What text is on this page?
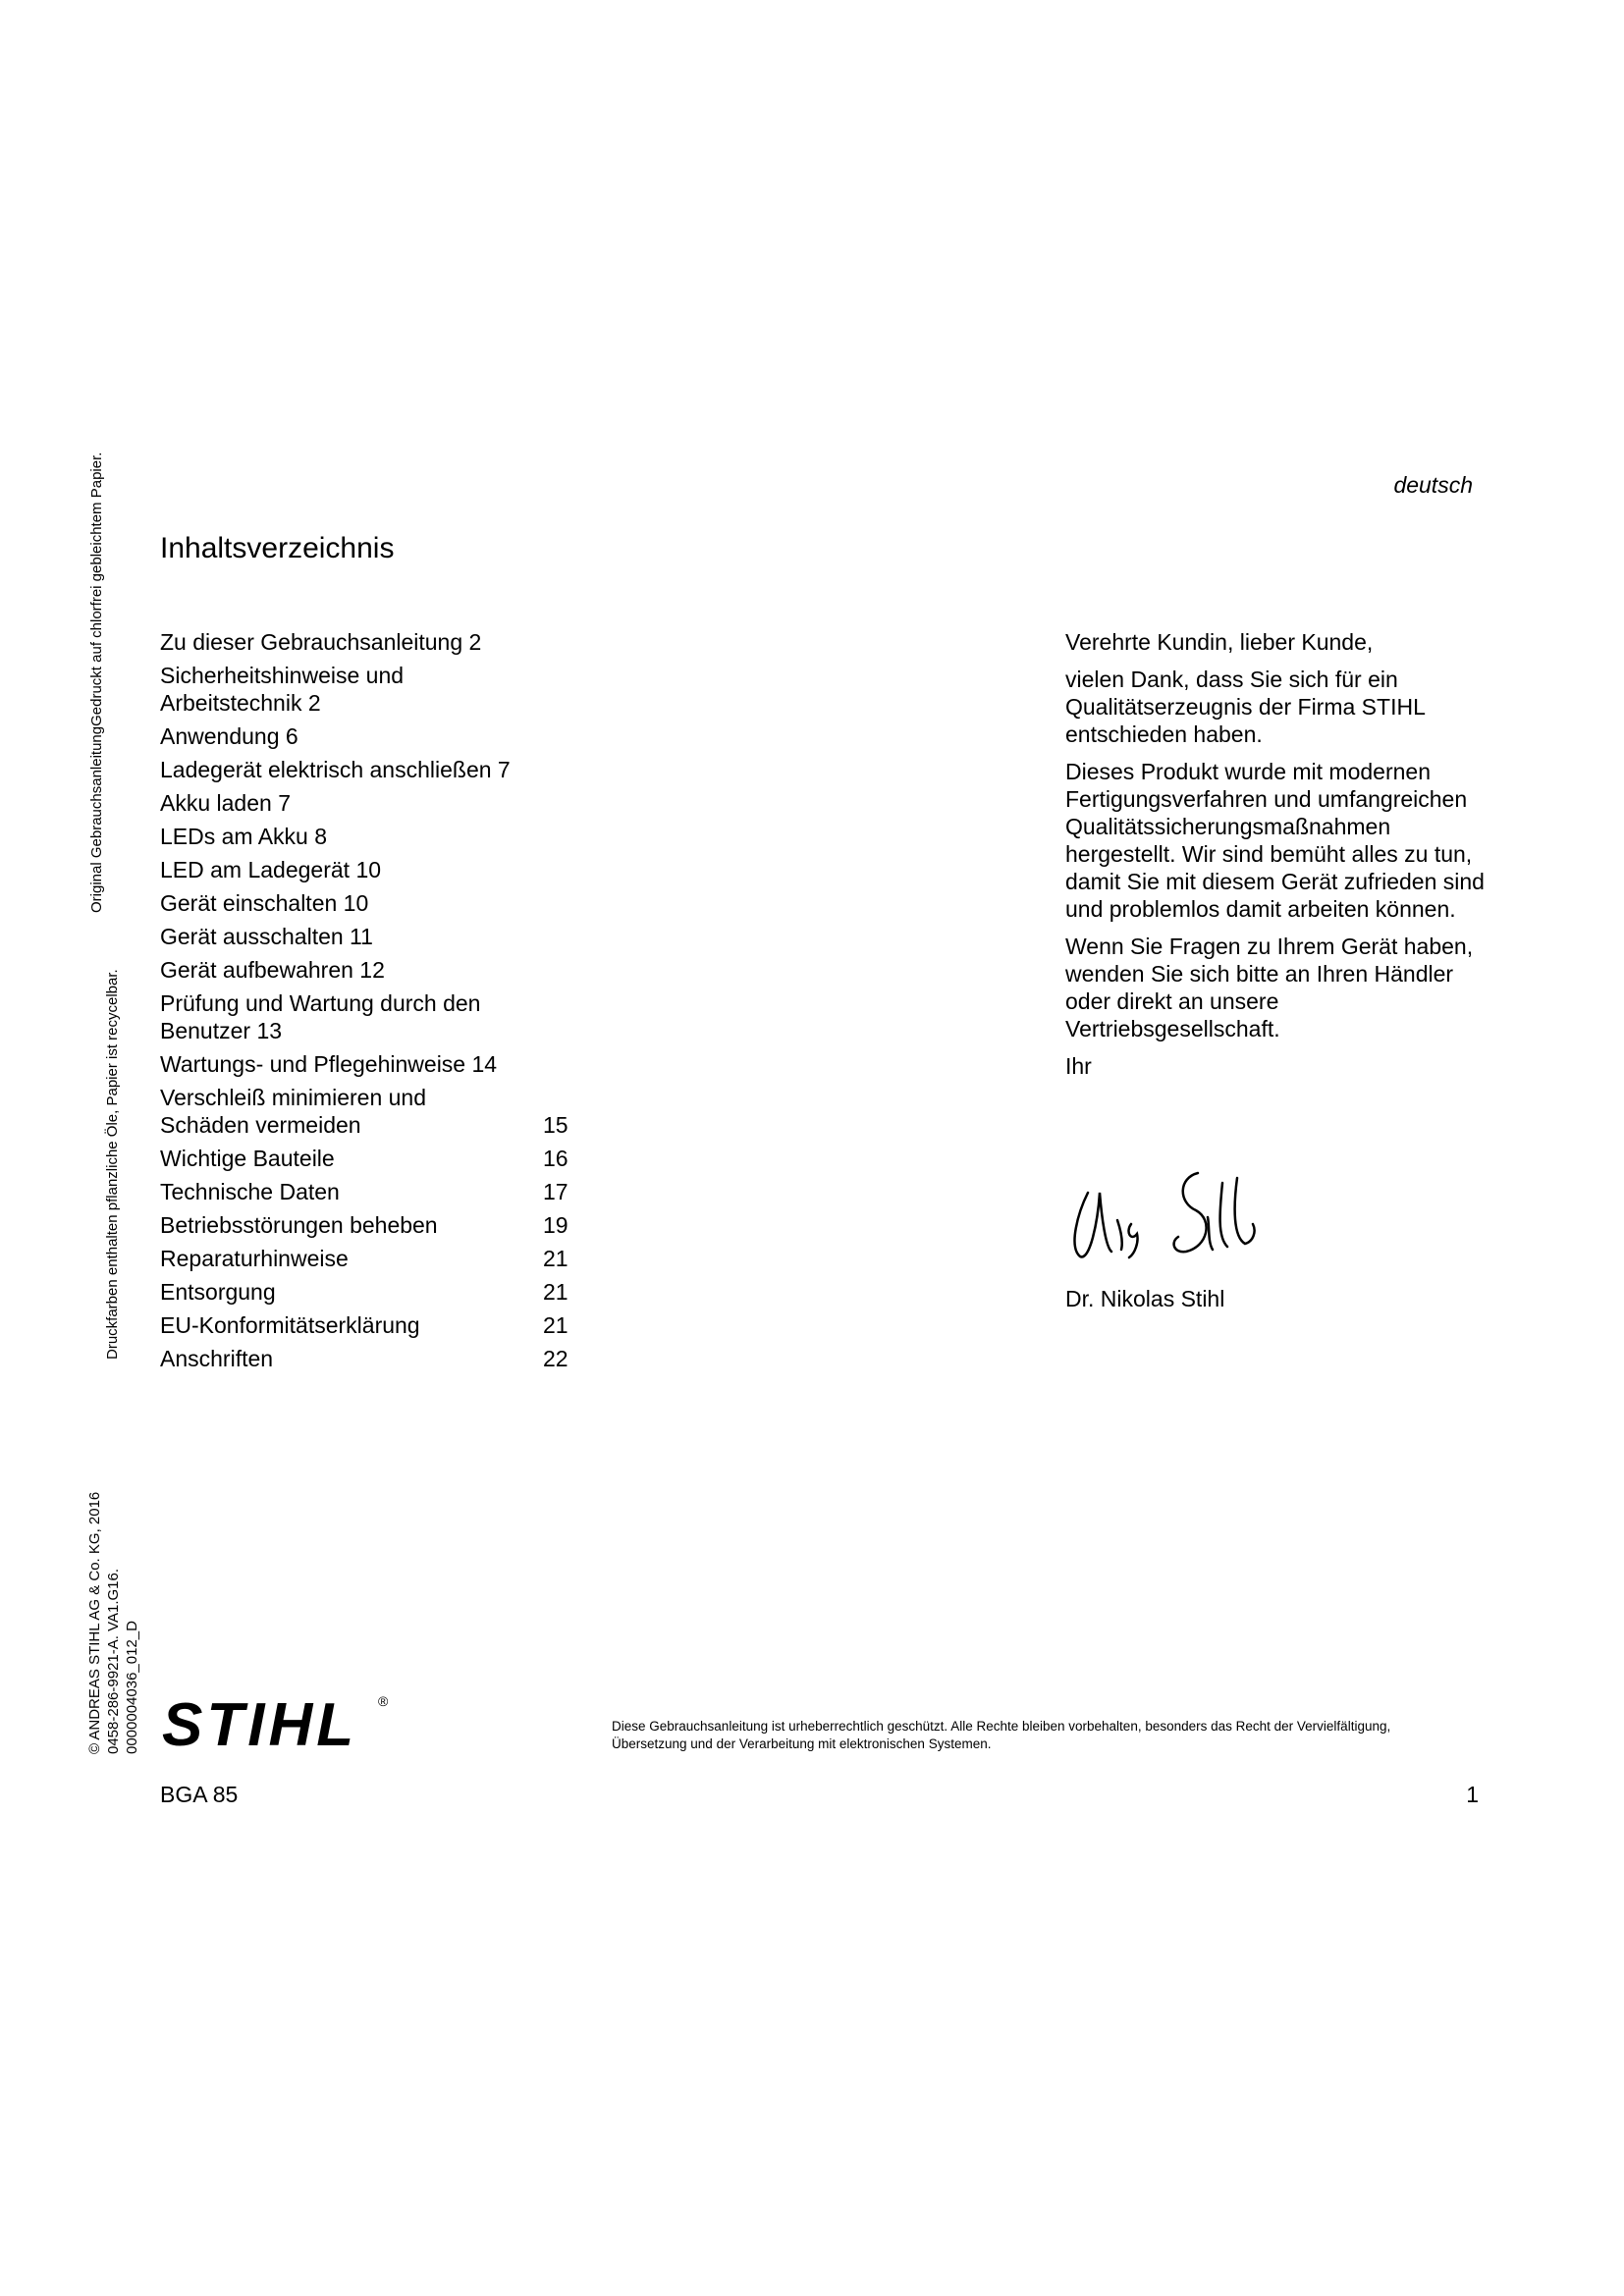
deutsch
Inhaltsverzeichnis
Zu dieser Gebrauchsanleitung 2
Sicherheitshinweise und Arbeitstechnik 2
Anwendung 6
Ladegerät elektrisch anschließen 7
Akku laden 7
LEDs am Akku 8
LED am Ladegerät 10
Gerät einschalten 10
Gerät ausschalten 11
Gerät aufbewahren 12
Prüfung und Wartung durch den Benutzer 13
Wartungs- und Pflegehinweise 14
Verschleiß minimieren und Schäden vermeiden	15
Wichtige Bauteile	16
Technische Daten	17
Betriebsstörungen beheben	19
Reparaturhinweise	21
Entsorgung	21
EU-Konformitätserklärung	21
Anschriften	22

Verehrte Kundin, lieber Kunde,

vielen Dank, dass Sie sich für ein Qualitätserzeugnis der Firma STIHL entschieden haben.

Dieses Produkt wurde mit modernen Fertigungsverfahren und umfangreichen Qualitätssicherungsmaßnahmen hergestellt. Wir sind bemüht alles zu tun, damit Sie mit diesem Gerät zufrieden sind und problemlos damit arbeiten können.

Wenn Sie Fragen zu Ihrem Gerät haben, wenden Sie sich bitte an Ihren Händler oder direkt an unsere Vertriebsgesellschaft.

Ihr

Dr. Nikolas Stihl
Original GebrauchsanleitungGedruckt auf chlorfrei gebleichtem Papier.
Druckfarben enthalten pflanzliche Öle, Papier ist recycelbar.
© ANDREAS STIHL AG & Co. KG, 2016 0458-286-9921-A. VA1.G16. 0000004036_012_D STIHL ®
Diese Gebrauchsanleitung ist urheberrechtlich geschützt. Alle Rechte bleiben vorbehalten, besonders das Recht der Vervielfältigung, Übersetzung und der Verarbeitung mit elektronischen Systemen.
BGA 85	1
